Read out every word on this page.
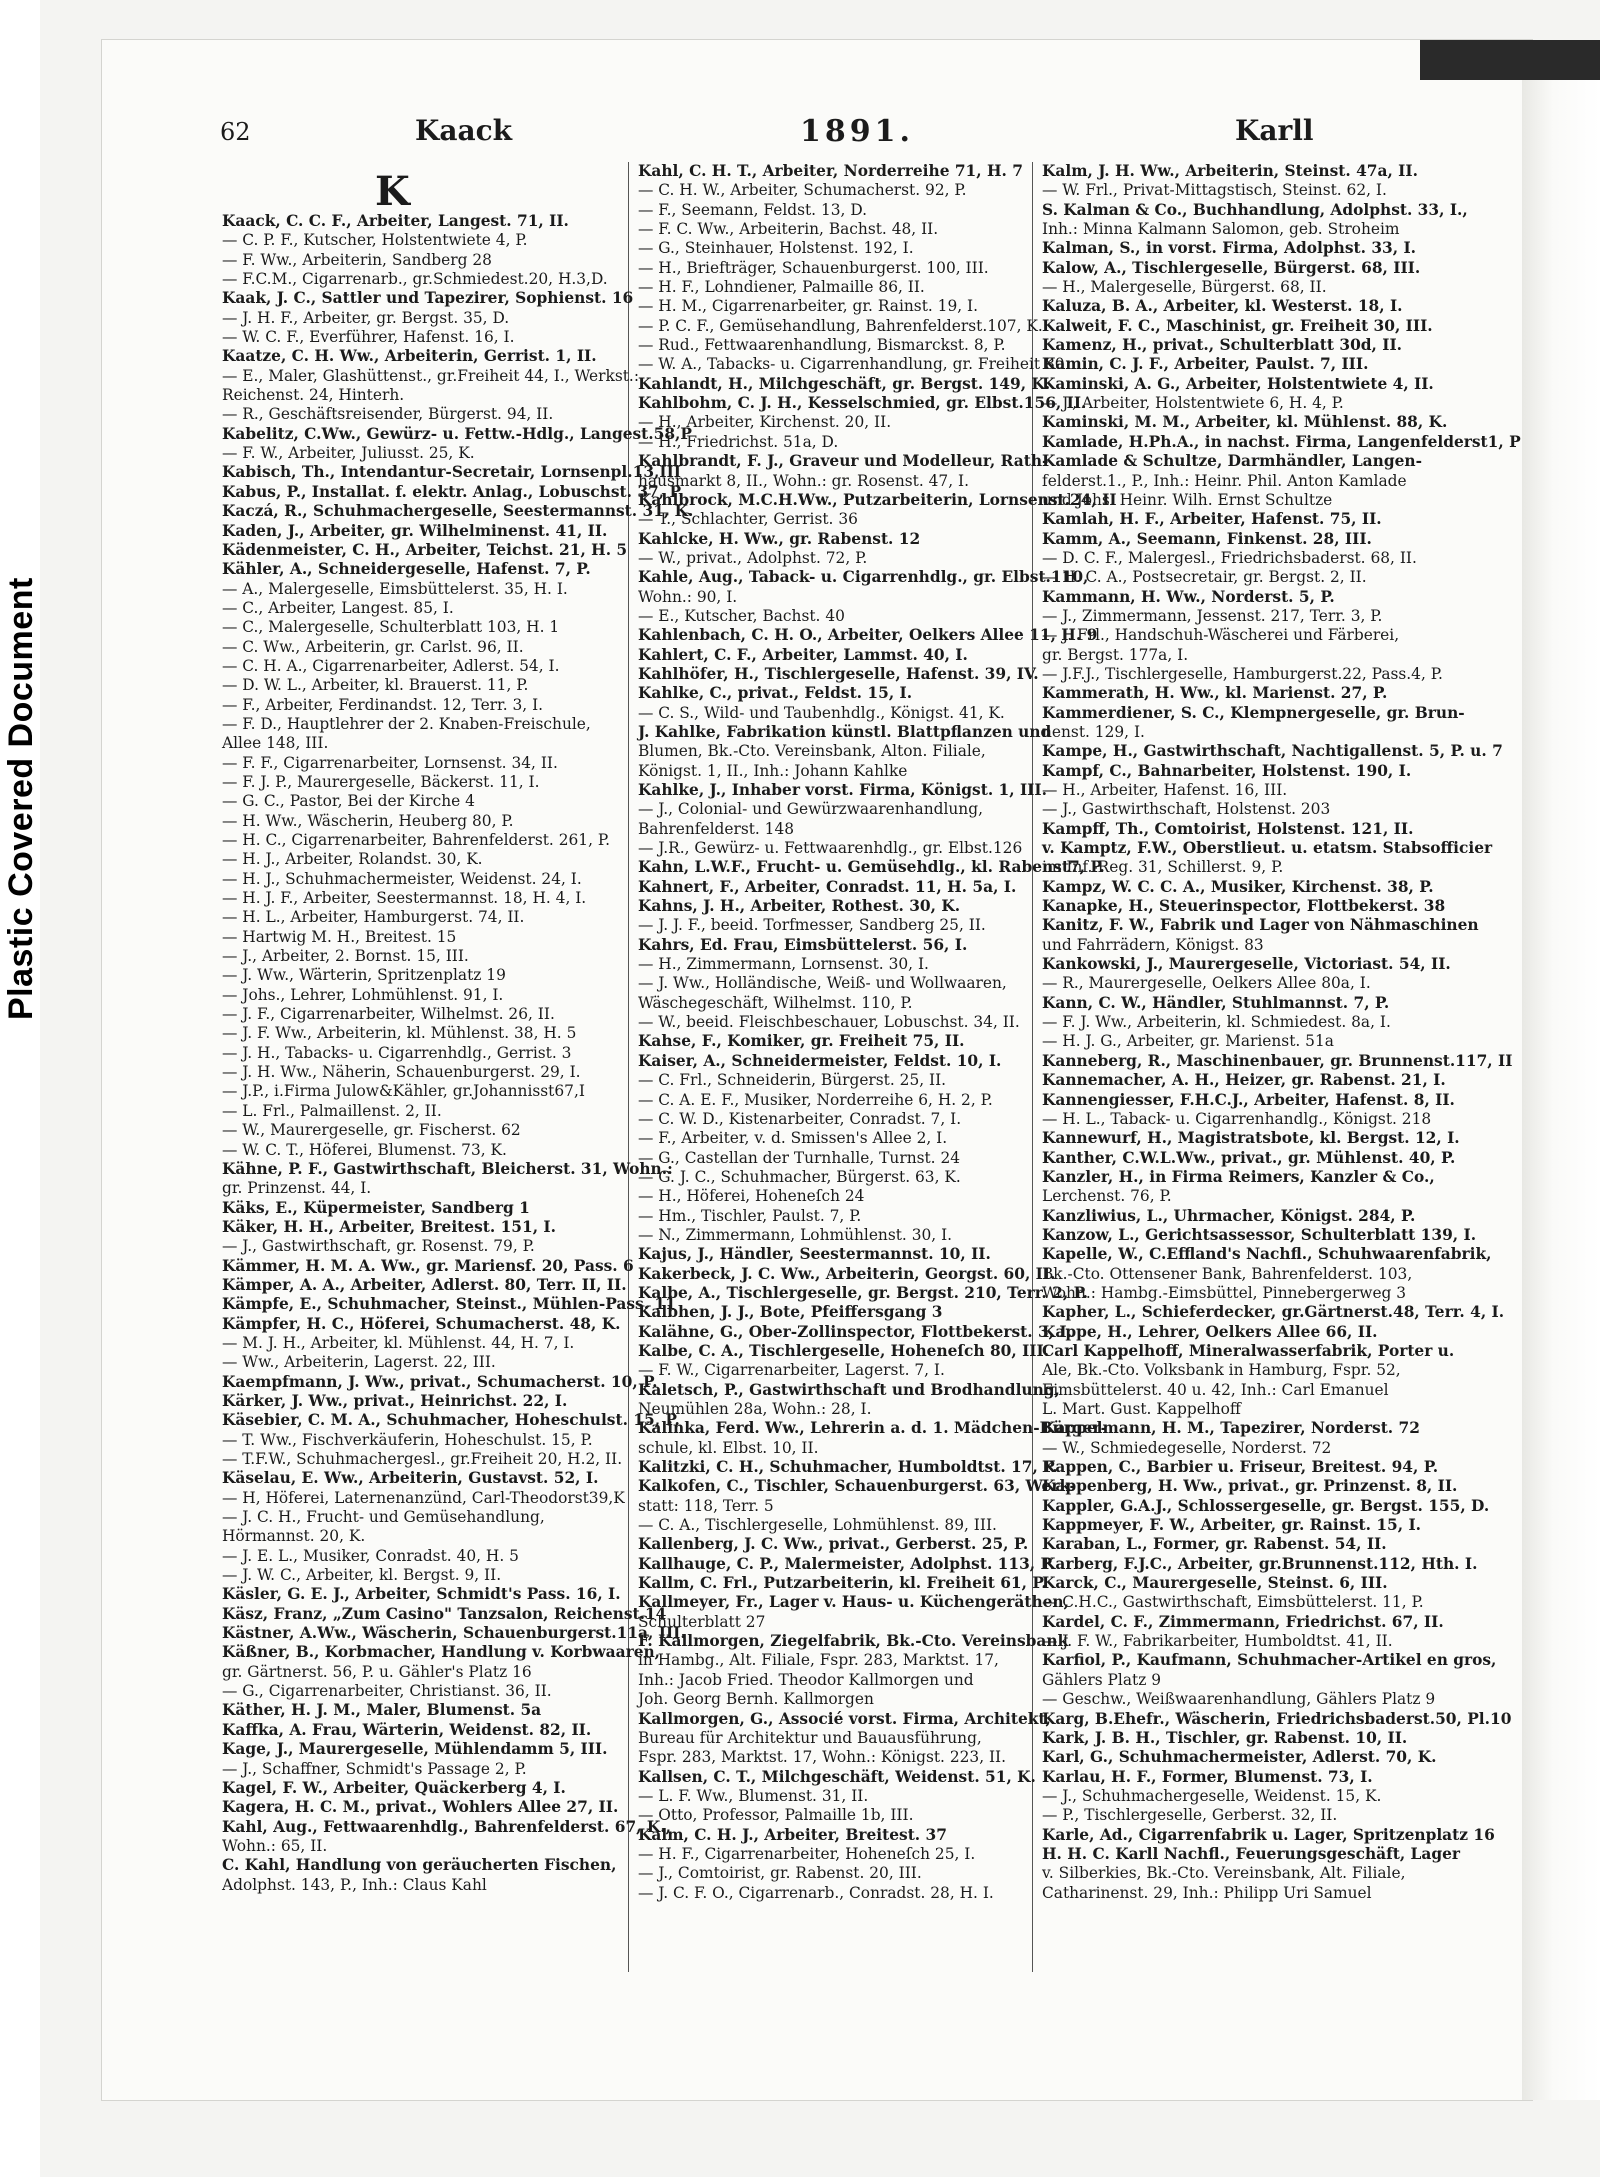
Plastic Covered Document
62	Kaack	1891.	Karll
K
Kaack, C. C. F., Arbeiter, Langest. 71, II.
— C. P. F., Kutscher, Holstentwiete 4, P.
— F. Ww., Arbeiterin, Sandberg 28
— F.C.M., Cigarrenarb., gr.Schmiedest.20, H.3,D.
Kaak, J. C., Sattler und Tapezirer, Sophienst. 16
— J. H. F., Arbeiter, gr. Bergst. 35, D.
— W. C. F., Everführer, Hafenst. 16, I.
Kaatze, C. H. Ww., Arbeiterin, Gerrist. 1, II.
— E., Maler, Glashüttenst., gr.Freiheit 44, I., Werkst.:
Reichenst. 24, Hinterh.
— R., Geschäftsreisender, Bürgerst. 94, II.
Kabelitz, C.Ww., Gewürz- u. Fettw.-Hdlg., Langest.58,P
— F. W., Arbeiter, Juliusst. 25, K.
Kabisch, Th., Intendantur-Secretair, Lornsenpl.13,III
Kabus, P., Installat. f. elektr. Anlag., Lobuschst. 37, P.
Kaczá, R., Schuhmachergeselle, Seestermannst. 31, K.
Kaden, J., Arbeiter, gr. Wilhelminenst. 41, II.
Kädenmeister, C. H., Arbeiter, Teichst. 21, H. 5
Kähler, A., Schneidergeselle, Hafenst. 7, P.
— A., Malergeselle, Eimsbüttelerst. 35, H. I.
— C., Arbeiter, Langest. 85, I.
— C., Malergeselle, Schulterblatt 103, H. 1
— C. Ww., Arbeiterin, gr. Carlst. 96, II.
— C. H. A., Cigarrenarbeiter, Adlerst. 54, I.
— D. W. L., Arbeiter, kl. Brauerst. 11, P.
— F., Arbeiter, Ferdinandst. 12, Terr. 3, I.
— F. D., Hauptlehrer der 2. Knaben-Freischule,
Allee 148, III.
— F. F., Cigarrenarbeiter, Lornsenst. 34, II.
— F. J. P., Maurergeselle, Bäckerst. 11, I.
— G. C., Pastor, Bei der Kirche 4
— H. Ww., Wäscherin, Heuberg 80, P.
— H. C., Cigarrenarbeiter, Bahrenfelderst. 261, P.
— H. J., Arbeiter, Rolandst. 30, K.
— H. J., Schuhmachermeister, Weidenst. 24, I.
— H. J. F., Arbeiter, Seestermannst. 18, H. 4, I.
— H. L., Arbeiter, Hamburgerst. 74, II.
— Hartwig M. H., Breitest. 15
— J., Arbeiter, 2. Bornst. 15, III.
— J. Ww., Wärterin, Spritzenplatz 19
— Johs., Lehrer, Lohmühlenst. 91, I.
— J. F., Cigarrenarbeiter, Wilhelmst. 26, II.
— J. F. Ww., Arbeiterin, kl. Mühlenst. 38, H. 5
— J. H., Tabacks- u. Cigarrenhdlg., Gerrist. 3
— J. H. Ww., Näherin, Schauenburgerst. 29, I.
— J.P., i.Firma Julow&Kähler, gr.Johannisst67,I
— L. Frl., Palmaillenst. 2, II.
— W., Maurergeselle, gr. Fischerst. 62
— W. C. T., Höferei, Blumenst. 73, K.
Kähne, P. F., Gastwirthschaft, Bleicherst. 31, Wohn.:
gr. Prinzenst. 44, I.
Käks, E., Küpermeister, Sandberg 1
Käker, H. H., Arbeiter, Breitest. 151, I.
— J., Gastwirthschaft, gr. Rosenst. 79, P.
Kämmer, H. M. A. Ww., gr. Mariensf. 20, Pass. 6
Kämper, A. A., Arbeiter, Adlerst. 80, Terr. II, II.
Kämpfe, E., Schuhmacher, Steinst., Mühlen-Pass. 11
Kämpfer, H. C., Höferei, Schumacherst. 48, K.
— M. J. H., Arbeiter, kl. Mühlenst. 44, H. 7, I.
— Ww., Arbeiterin, Lagerst. 22, III.
Kaempfmann, J. Ww., privat., Schumacherst. 10, P.
Kärker, J. Ww., privat., Heinrichst. 22, I.
Käsebier, C. M. A., Schuhmacher, Hoheschulst. 15, P.
— T. Ww., Fischverkäuferin, Hoheschulst. 15, P.
— T.F.W., Schuhmachergesl., gr.Freiheit 20, H.2, II.
Käselau, E. Ww., Arbeiterin, Gustavst. 52, I.
— H, Höferei, Laternenanzünd, Carl-Theodorst39,K
— J. C. H., Frucht- und Gemüsehandlung,
Hörmannst. 20, K.
— J. E. L., Musiker, Conradst. 40, H. 5
— J. W. C., Arbeiter, kl. Bergst. 9, II.
Käsler, G. E. J., Arbeiter, Schmidt's Pass. 16, I.
Käsz, Franz, „Zum Casino" Tanzsalon, Reichenst.14
Kästner, A.Ww., Wäscherin, Schauenburgerst.11a, III.
Käßner, B., Korbmacher, Handlung v. Korbwaaren,
gr. Gärtnerst. 56, P. u. Gähler's Platz 16
— G., Cigarrenarbeiter, Christianst. 36, II.
Käther, H. J. M., Maler, Blumenst. 5a
Kaffka, A. Frau, Wärterin, Weidenst. 82, II.
Kage, J., Maurergeselle, Mühlendamm 5, III.
— J., Schaffner, Schmidt's Passage 2, P.
Kagel, F. W., Arbeiter, Quäckerberg 4, I.
Kagera, H. C. M., privat., Wohlers Allee 27, II.
Kahl, Aug., Fettwaarenhdlg., Bahrenfelderst. 67, K.,
Wohn.: 65, II.
C. Kahl, Handlung von geräucherten Fischen,
Adolphst. 143, P., Inh.: Claus Kahl
Kahl, C. H. T., Arbeiter, Norderreihe 71, H. 7
— C. H. W., Arbeiter, Schumacherst. 92, P.
— F., Seemann, Feldst. 13, D.
— F. C. Ww., Arbeiterin, Bachst. 48, II.
— G., Steinhauer, Holstenst. 192, I.
— H., Briefträger, Schauenburgerst. 100, III.
— H. F., Lohndiener, Palmaille 86, II.
— H. M., Cigarrenarbeiter, gr. Rainst. 19, I.
— P. C. F., Gemüsehandlung, Bahrenfelderst.107, K.
— Rud., Fettwaarenhandlung, Bismarckst. 8, P.
— W. A., Tabacks- u. Cigarrenhandlung, gr. Freiheit 80
Kahlandt, H., Milchgeschäft, gr. Bergst. 149, K.
Kahlbohm, C. J. H., Kesselschmied, gr. Elbst.156, II.
— H., Arbeiter, Kirchenst. 20, II.
— H., Friedrichst. 51a, D.
Kahlbrandt, F. J., Graveur und Modelleur, Rath-
hausmarkt 8, II., Wohn.: gr. Rosenst. 47, I.
Kahlbrock, M.C.H.Ww., Putzarbeiterin, Lornsenst.24, II
— T., Schlachter, Gerrist. 36
Kahlcke, H. Ww., gr. Rabenst. 12
— W., privat., Adolphst. 72, P.
Kahle, Aug., Taback- u. Cigarrenhdlg., gr. Elbst.110,
Wohn.: 90, I.
— E., Kutscher, Bachst. 40
Kahlenbach, C. H. O., Arbeiter, Oelkers Allee 11, H. 9
Kahlert, C. F., Arbeiter, Lammst. 40, I.
Kahlhöfer, H., Tischlergeselle, Hafenst. 39, IV.
Kahlke, C., privat., Feldst. 15, I.
— C. S., Wild- und Taubenhdlg., Königst. 41, K.
J. Kahlke, Fabrikation künstl. Blattpflanzen und
Blumen, Bk.-Cto. Vereinsbank, Alton. Filiale,
Königst. 1, II., Inh.: Johann Kahlke
Kahlke, J., Inhaber vorst. Firma, Königst. 1, III.
— J., Colonial- und Gewürzwaarenhandlung,
Bahrenfelderst. 148
— J.R., Gewürz- u. Fettwaarenhdlg., gr. Elbst.126
Kahn, L.W.F., Frucht- u. Gemüsehdlg., kl. Rabenst7, P.
Kahnert, F., Arbeiter, Conradst. 11, H. 5a, I.
Kahns, J. H., Arbeiter, Rothest. 30, K.
— J. J. F., beeid. Torfmesser, Sandberg 25, II.
Kahrs, Ed. Frau, Eimsbüttelerst. 56, I.
— H., Zimmermann, Lornsenst. 30, I.
— J. Ww., Holländische, Weiß- und Wollwaaren,
Wäschegeschäft, Wilhelmst. 110, P.
— W., beeid. Fleischbeschauer, Lobuschst. 34, II.
Kahse, F., Komiker, gr. Freiheit 75, II.
Kaiser, A., Schneidermeister, Feldst. 10, I.
— C. Frl., Schneiderin, Bürgerst. 25, II.
— C. A. E. F., Musiker, Norderreihe 6, H. 2, P.
— C. W. D., Kistenarbeiter, Conradst. 7, I.
— F., Arbeiter, v. d. Smissen's Allee 2, I.
— G., Castellan der Turnhalle, Turnst. 24
— G. J. C., Schuhmacher, Bürgerst. 63, K.
— H., Höferei, Hoheneſch 24
— Hm., Tischler, Paulst. 7, P.
— N., Zimmermann, Lohmühlenst. 30, I.
Kajus, J., Händler, Seestermannst. 10, II.
Kakerbeck, J. C. Ww., Arbeiterin, Georgst. 60, II.
Kalbe, A., Tischlergeselle, gr. Bergst. 210, Terr. 2, P.
Kalbhen, J. J., Bote, Pfeiffersgang 3
Kalähne, G., Ober-Zollinspector, Flottbekerst. 3, I.
Kalbe, C. A., Tischlergeselle, Hoheneſch 80, III.
— F. W., Cigarrenarbeiter, Lagerst. 7, I.
Kaletsch, P., Gastwirthschaft und Brodhandlung,
Neumühlen 28a, Wohn.: 28, I.
Kalinka, Ferd. Ww., Lehrerin a. d. 1. Mädchen-Bürger-
schule, kl. Elbst. 10, II.
Kalitzki, C. H., Schuhmacher, Humboldtst. 17, P.
Kalkofen, C., Tischler, Schauenburgerst. 63, Werk-
statt: 118, Terr. 5
— C. A., Tischlergeselle, Lohmühlenst. 89, III.
Kallenberg, J. C. Ww., privat., Gerberst. 25, P.
Kallhauge, C. P., Malermeister, Adolphst. 113, P.
Kallm, C. Frl., Putzarbeiterin, kl. Freiheit 61, P.
Kallmeyer, Fr., Lager v. Haus- u. Küchengeräthen,
Schulterblatt 27
F. Kallmorgen, Ziegelfabrik, Bk.-Cto. Vereinsbank
in Hambg., Alt. Filiale, Fspr. 283, Marktst. 17,
Inh.: Jacob Fried. Theodor Kallmorgen und
Joh. Georg Bernh. Kallmorgen
Kallmorgen, G., Associé vorst. Firma, Architekt,
Bureau für Architektur und Bauausführung,
Fspr. 283, Marktst. 17, Wohn.: Königst. 223, II.
Kallsen, C. T., Milchgeschäft, Weidenst. 51, K.
— L. F. Ww., Blumenst. 31, II.
— Otto, Professor, Palmaille 1b, III.
Kalm, C. H. J., Arbeiter, Breitest. 37
— H. F., Cigarrenarbeiter, Hoheneſch 25, I.
— J., Comtoirist, gr. Rabenst. 20, III.
— J. C. F. O., Cigarrenarb., Conradst. 28, H. I.
Kalm, J. H. Ww., Arbeiterin, Steinst. 47a, II.
— W. Frl., Privat-Mittagstisch, Steinst. 62, I.
S. Kalman & Co., Buchhandlung, Adolphst. 33, I.,
Inh.: Minna Kalmann Salomon, geb. Stroheim
Kalman, S., in vorst. Firma, Adolphst. 33, I.
Kalow, A., Tischlergeselle, Bürgerst. 68, III.
— H., Malergeselle, Bürgerst. 68, II.
Kaluza, B. A., Arbeiter, kl. Westerst. 18, I.
Kalweit, F. C., Maschinist, gr. Freiheit 30, III.
Kamenz, H., privat., Schulterblatt 30d, II.
Kamin, C. J. F., Arbeiter, Paulst. 7, III.
Kaminski, A. G., Arbeiter, Holstentwiete 4, II.
— J., Arbeiter, Holstentwiete 6, H. 4, P.
Kaminski, M. M., Arbeiter, kl. Mühlenst. 88, K.
Kamlade, H.Ph.A., in nachst. Firma, Langenfelderst1, P
Kamlade & Schultze, Darmhändler, Langen-
felderst.1., P., Inh.: Heinr. Phil. Anton Kamlade
und Johs. Heinr. Wilh. Ernst Schultze
Kamlah, H. F., Arbeiter, Hafenst. 75, II.
Kamm, A., Seemann, Finkenst. 28, III.
— D. C. F., Malergesl., Friedrichsbaderst. 68, II.
— H. C. A., Postsecretair, gr. Bergst. 2, II.
Kammann, H. Ww., Norderst. 5, P.
— J., Zimmermann, Jessenst. 217, Terr. 3, P.
— J. Frl., Handschuh-Wäscherei und Färberei,
gr. Bergst. 177a, I.
— J.F.J., Tischlergeselle, Hamburgerst.22, Pass.4, P.
Kammerath, H. Ww., kl. Marienst. 27, P.
Kammerdiener, S. C., Klempnergeselle, gr. Brun-
nenst. 129, I.
Kampe, H., Gastwirthschaft, Nachtigallenst. 5, P. u. 7
Kampf, C., Bahnarbeiter, Holstenst. 190, I.
— H., Arbeiter, Hafenst. 16, III.
— J., Gastwirthschaft, Holstenst. 203
Kampff, Th., Comtoirist, Holstenst. 121, II.
v. Kamptz, F.W., Oberstlieut. u. etatsm. Stabsofficier
im Inf.-Reg. 31, Schillerst. 9, P.
Kampz, W. C. C. A., Musiker, Kirchenst. 38, P.
Kanapke, H., Steuerinspector, Flottbekerst. 38
Kanitz, F. W., Fabrik und Lager von Nähmaschinen
und Fahrrädern, Königst. 83
Kankowski, J., Maurergeselle, Victoriast. 54, II.
— R., Maurergeselle, Oelkers Allee 80a, I.
Kann, C. W., Händler, Stuhlmannst. 7, P.
— F. J. Ww., Arbeiterin, kl. Schmiedest. 8a, I.
— H. J. G., Arbeiter, gr. Marienst. 51a
Kanneberg, R., Maschinenbauer, gr. Brunnenst.117, II
Kannemacher, A. H., Heizer, gr. Rabenst. 21, I.
Kannengiesser, F.H.C.J., Arbeiter, Hafenst. 8, II.
— H. L., Taback- u. Cigarrenhandlg., Königst. 218
Kannewurf, H., Magistratsbote, kl. Bergst. 12, I.
Kanther, C.W.L.Ww., privat., gr. Mühlenst. 40, P.
Kanzler, H., in Firma Reimers, Kanzler & Co.,
Lerchenst. 76, P.
Kanzliwius, L., Uhrmacher, Königst. 284, P.
Kanzow, L., Gerichtsassessor, Schulterblatt 139, I.
Kapelle, W., C.Effland's Nachfl., Schuhwaarenfabrik,
Bk.-Cto. Ottensener Bank, Bahrenfelderst. 103,
Wohn.: Hambg.-Eimsbüttel, Pinnebergerweg 3
Kapher, L., Schieferdecker, gr.Gärtnerst.48, Terr. 4, I.
Kappe, H., Lehrer, Oelkers Allee 66, II.
Carl Kappelhoff, Mineralwasserfabrik, Porter u.
Ale, Bk.-Cto. Volksbank in Hamburg, Fspr. 52,
Eimsbüttelerst. 40 u. 42, Inh.: Carl Emanuel
L. Mart. Gust. Kappelhoff
Kappelmann, H. M., Tapezirer, Norderst. 72
— W., Schmiedegeselle, Norderst. 72
Kappen, C., Barbier u. Friseur, Breitest. 94, P.
Kappenberg, H. Ww., privat., gr. Prinzenst. 8, II.
Kappler, G.A.J., Schlossergeselle, gr. Bergst. 155, D.
Kappmeyer, F. W., Arbeiter, gr. Rainst. 15, I.
Karaban, L., Former, gr. Rabenst. 54, II.
Karberg, F.J.C., Arbeiter, gr.Brunnenst.112, Hth. I.
Karck, C., Maurergeselle, Steinst. 6, III.
— C.H.C., Gastwirthschaft, Eimsbüttelerst. 11, P.
Kardel, C. F., Zimmermann, Friedrichst. 67, II.
— J. F. W., Fabrikarbeiter, Humboldtst. 41, II.
Karfiol, P., Kaufmann, Schuhmacher-Artikel en gros,
Gählers Platz 9
— Geschw., Weißwaarenhandlung, Gählers Platz 9
Karg, B.Ehefr., Wäscherin, Friedrichsbaderst.50, Pl.10
Kark, J. B. H., Tischler, gr. Rabenst. 10, II.
Karl, G., Schuhmachermeister, Adlerst. 70, K.
Karlau, H. F., Former, Blumenst. 73, I.
— J., Schuhmachergeselle, Weidenst. 15, K.
— P., Tischlergeselle, Gerberst. 32, II.
Karle, Ad., Cigarrenfabrik u. Lager, Spritzenplatz 16
H. H. C. Karll Nachfl., Feuerungsgeschäft, Lager
v. Silberkies, Bk.-Cto. Vereinsbank, Alt. Filiale,
Catharinenst. 29, Inh.: Philipp Uri Samuel
